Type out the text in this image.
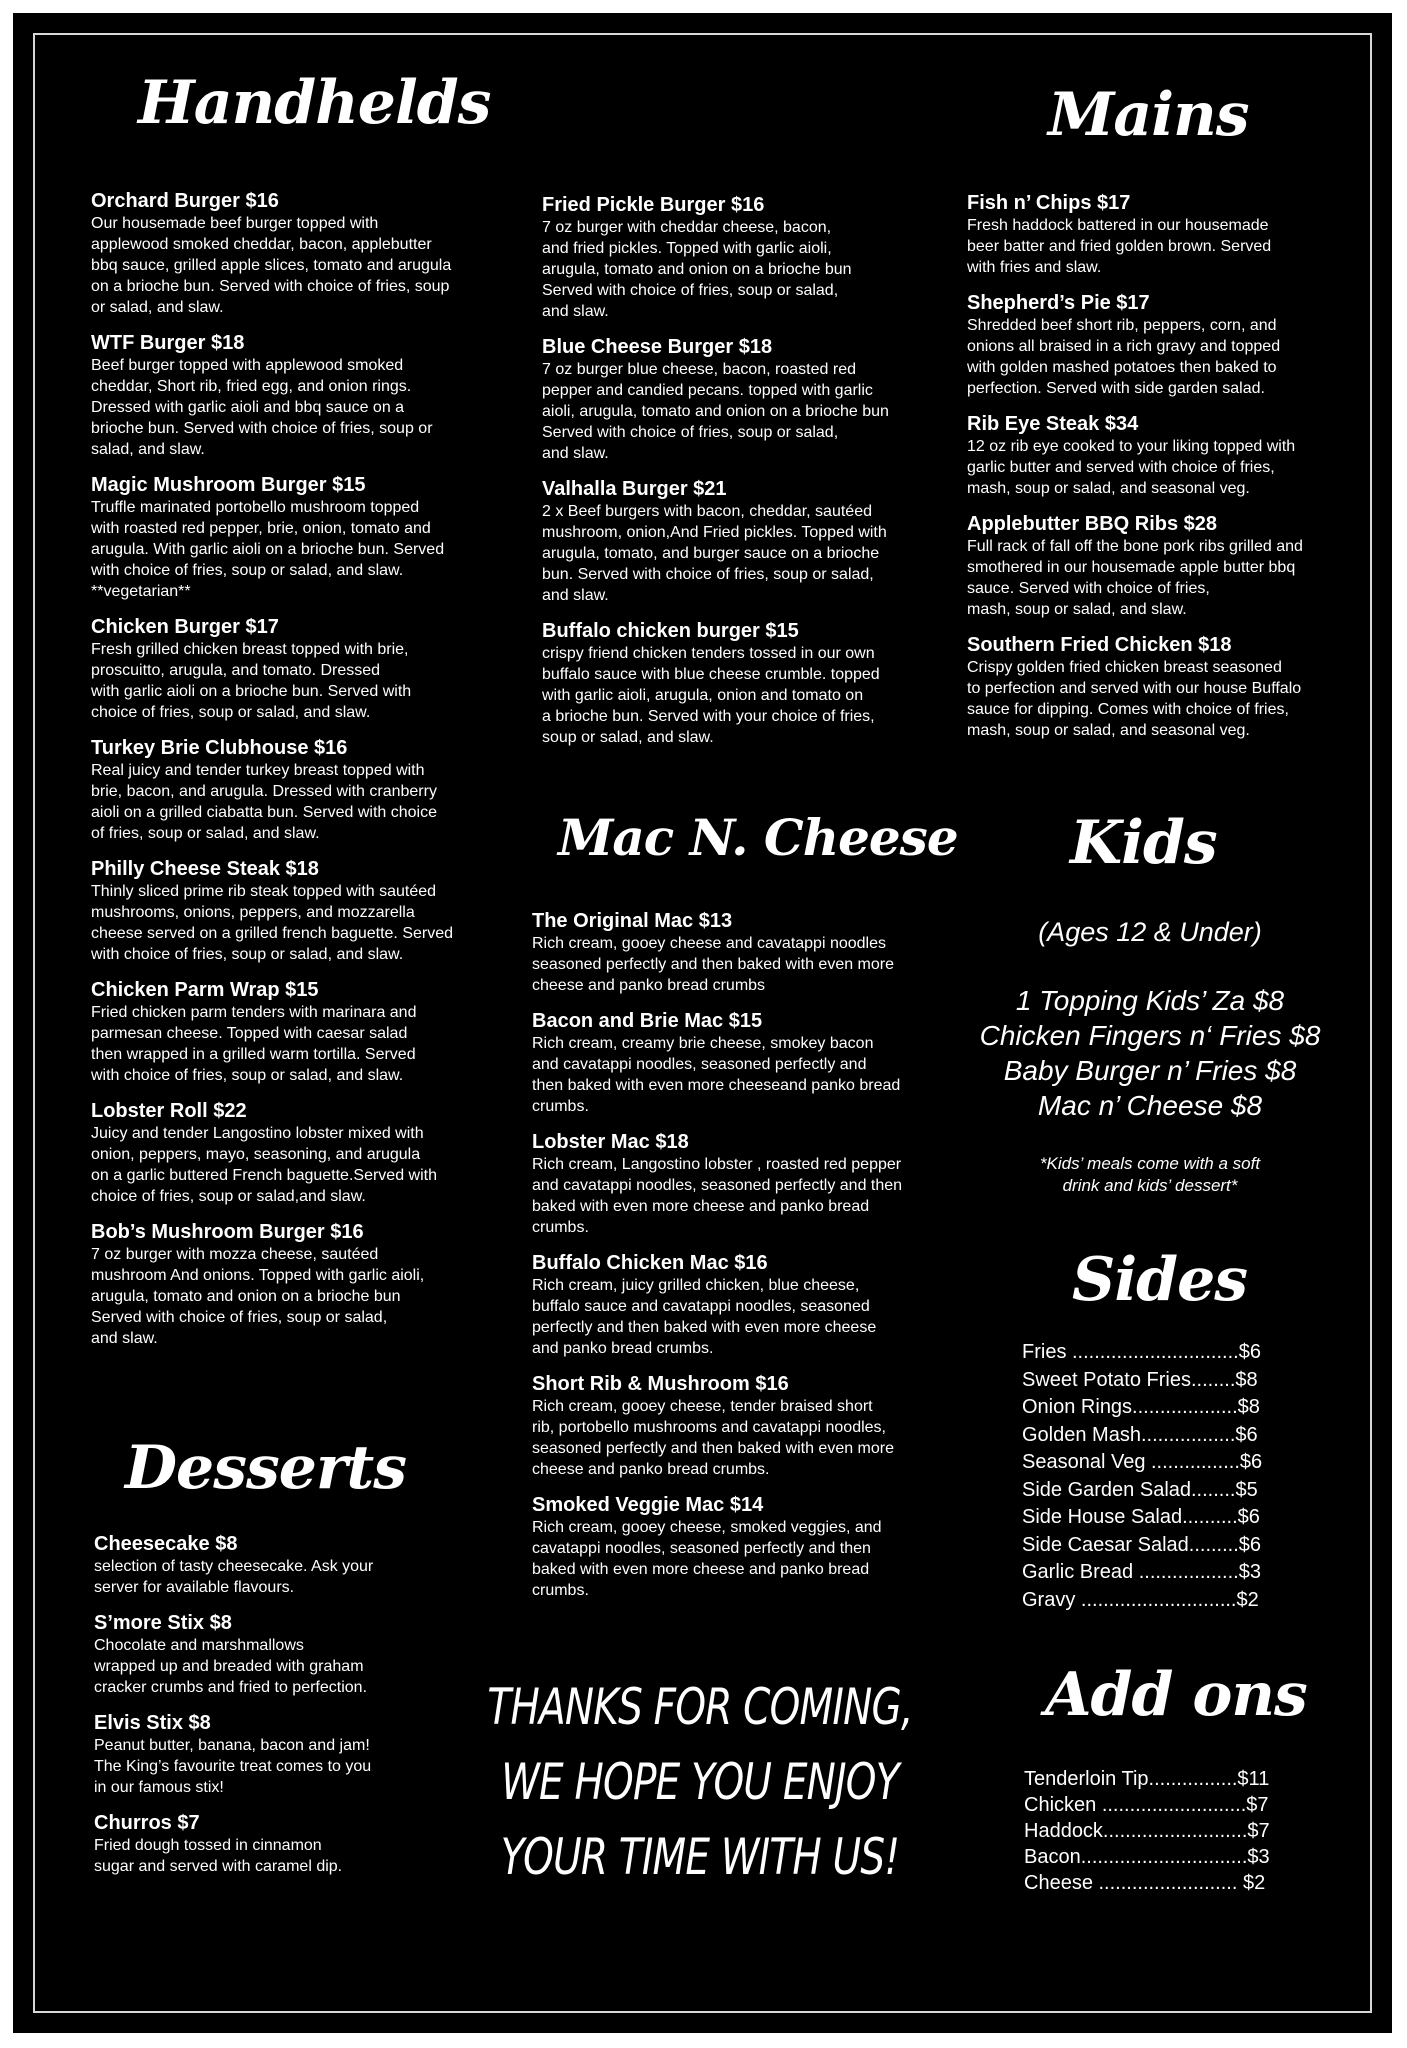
Handhelds	Mains
Mac N. Cheese Kids
Desserts
Sides
Add ons
Orchard Burger $16
Our housemade beef burger topped with
applewood smoked cheddar, bacon, applebutter
bbq sauce, grilled apple slices, tomato and arugula
on a brioche bun. Served with choice of fries, soup
or salad, and slaw.
WTF Burger $18
Beef burger topped with applewood smoked
cheddar, Short rib, fried egg, and onion rings.
Dressed with garlic aioli and bbq sauce on a
brioche bun. Served with choice of fries, soup or
salad, and slaw.
Magic Mushroom Burger $15
Truffle marinated portobello mushroom topped
with roasted red pepper, brie, onion, tomato and
arugula. With garlic aioli on a brioche bun. Served
with choice of fries, soup or salad, and slaw.
**vegetarian**
Chicken Burger $17
Fresh grilled chicken breast topped with brie,
proscuitto, arugula, and tomato. Dressed
with garlic aioli on a brioche bun. Served with
choice of fries, soup or salad, and slaw.
Turkey Brie Clubhouse $16
Real juicy and tender turkey breast topped with
brie, bacon, and arugula. Dressed with cranberry
aioli on a grilled ciabatta bun. Served with choice
of fries, soup or salad, and slaw.
Philly Cheese Steak $18
Thinly sliced prime rib steak topped with sautéed
mushrooms, onions, peppers, and mozzarella
cheese served on a grilled french baguette. Served
with choice of fries, soup or salad, and slaw.
Chicken Parm Wrap $15
Fried chicken parm tenders with marinara and
parmesan cheese. Topped with caesar salad
then wrapped in a grilled warm tortilla. Served
with choice of fries, soup or salad, and slaw.
Lobster Roll $22
Juicy and tender Langostino lobster mixed with
onion, peppers, mayo, seasoning, and arugula
on a garlic buttered French baguette.Served with
choice of fries, soup or salad,and slaw.
Bob’s Mushroom Burger $16
7 oz burger with mozza cheese, sautéed
mushroom And onions. Topped with garlic aioli,
arugula, tomato and onion on a brioche bun
Served with choice of fries, soup or salad,
and slaw.
Fried Pickle Burger $16
7 oz burger with cheddar cheese, bacon,
and fried pickles. Topped with garlic aioli,
arugula, tomato and onion on a brioche bun
Served with choice of fries, soup or salad,
and slaw.
Blue Cheese Burger $18
7 oz burger blue cheese, bacon, roasted red
pepper and candied pecans. topped with garlic
aioli, arugula, tomato and onion on a brioche bun
Served with choice of fries, soup or salad,
and slaw.
Valhalla Burger $21
2 x Beef burgers with bacon, cheddar, sautéed
mushroom, onion,And Fried pickles. Topped with
arugula, tomato, and burger sauce on a brioche
bun. Served with choice of fries, soup or salad,
and slaw.
Buffalo chicken burger $15
crispy friend chicken tenders tossed in our own
buffalo sauce with blue cheese crumble. topped
with garlic aioli, arugula, onion and tomato on
a brioche bun. Served with your choice of fries,
soup or salad, and slaw.
Fish n’ Chips $17
Fresh haddock battered in our housemade
beer batter and fried golden brown. Served
with fries and slaw.
Shepherd’s Pie $17
Shredded beef short rib, peppers, corn, and
onions all braised in a rich gravy and topped
with golden mashed potatoes then baked to
perfection. Served with side garden salad.
Rib Eye Steak $34
12 oz rib eye cooked to your liking topped with
garlic butter and served with choice of fries,
mash, soup or salad, and seasonal veg.
Applebutter BBQ Ribs $28
Full rack of fall off the bone pork ribs grilled and
smothered in our housemade apple butter bbq
sauce. Served with choice of fries,
mash, soup or salad, and slaw.
Southern Fried Chicken $18
Crispy golden fried chicken breast seasoned
to perfection and served with our house Buffalo
sauce for dipping. Comes with choice of fries,
mash, soup or salad, and seasonal veg.
The Original Mac $13
Rich cream, gooey cheese and cavatappi noodles
seasoned perfectly and then baked with even more
cheese and panko bread crumbs
Bacon and Brie Mac $15
Rich cream, creamy brie cheese, smokey bacon
and cavatappi noodles, seasoned perfectly and
then baked with even more cheeseand panko bread
crumbs.
Lobster Mac $18
Rich cream, Langostino lobster , roasted red pepper
and cavatappi noodles, seasoned perfectly and then
baked with even more cheese and panko bread
crumbs.
Buffalo Chicken Mac $16
Rich cream, juicy grilled chicken, blue cheese,
buffalo sauce and cavatappi noodles, seasoned
perfectly and then baked with even more cheese
and panko bread crumbs.
Short Rib & Mushroom $16
Rich cream, gooey cheese, tender braised short
rib, portobello mushrooms and cavatappi noodles,
seasoned perfectly and then baked with even more
cheese and panko bread crumbs.
Smoked Veggie Mac $14
Rich cream, gooey cheese, smoked veggies, and
cavatappi noodles, seasoned perfectly and then
baked with even more cheese and panko bread
crumbs.
Cheesecake $8
selection of tasty cheesecake. Ask your
server for available flavours.
S’more Stix $8
Chocolate and marshmallows
wrapped up and breaded with graham
cracker crumbs and fried to perfection.
Elvis Stix $8
Peanut butter, banana, bacon and jam!
The King’s favourite treat comes to you
in our famous stix!
Churros $7
Fried dough tossed in cinnamon
sugar and served with caramel dip.
(Ages 12 & Under)
1 Topping Kids’ Za $8
Chicken Fingers n‘ Fries $8
Baby Burger n’ Fries $8
Mac n’ Cheese $8
*Kids’ meals come with a soft
drink and kids’ dessert*
Fries ..............................$6
Sweet Potato Fries........$8
Onion Rings...................$8
Golden Mash.................$6
Seasonal Veg ................$6
Side Garden Salad........$5
Side House Salad..........$6
Side Caesar Salad.........$6
Garlic Bread ..................$3
Gravy ............................$2
Tenderloin Tip................$11
Chicken ..........................$7
Haddock..........................$7
Bacon..............................$3
Cheese ......................... $2
THANKS FOR COMING,
WE HOPE YOU ENJOY
YOUR TIME WITH US!
